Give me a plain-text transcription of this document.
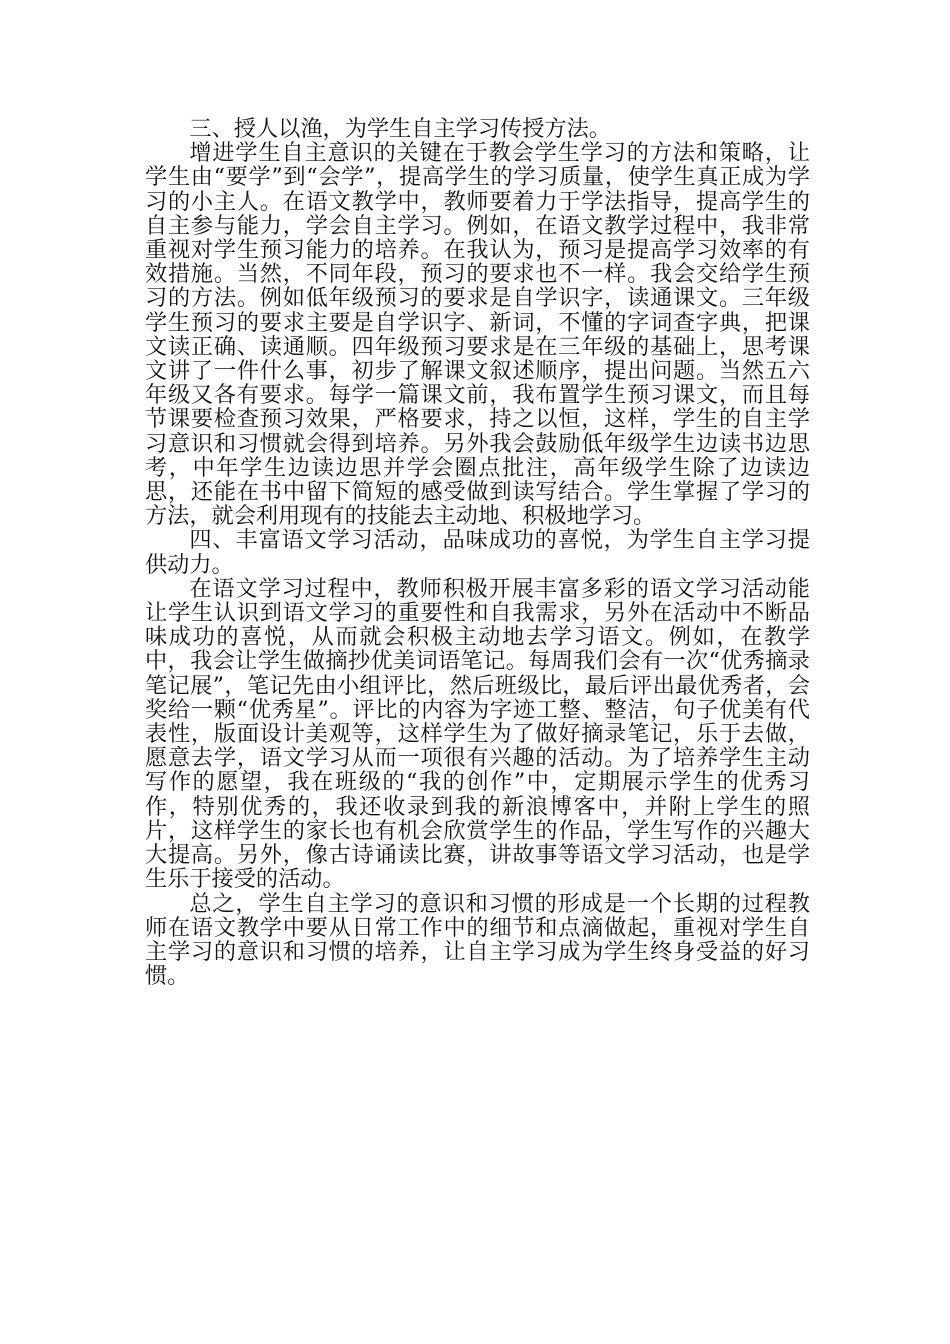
三、授人以渔，为学生自主学习传授方法。

增进学生自主意识的关键在于教会学生学习的方法和策略，让学生由“要学”到“会学”，提高学生的学习质量，使学生真正成为学习的小主人。在语文教学中，教师要着力于学法指导，提高学生的自主参与能力，学会自主学习。例如，在语文教学过程中，我非常重视对学生预习能力的培养。在我认为，预习是提高学习效率的有效措施。当然，不同年段，预习的要求也不一样。我会交给学生预习的方法。例如低年级预习的要求是自学识字，读通课文。三年级学生预习的要求主要是自学识字、新词，不懂的字词查字典，把课文读正确、读通顺。四年级预习要求是在三年级的基础上，思考课文讲了一件什么事，初步了解课文叙述顺序，提出问题。当然五六年级又各有要求。每学一篇课文前，我布置学生预习课文，而且每节课要检查预习效果，严格要求，持之以恒，这样，学生的自主学习意识和习惯就会得到培养。另外我会鼓励低年级学生边读书边思考，中年学生边读边思并学会圈点批注，高年级学生除了边读边思，还能在书中留下简短的感受做到读写结合。学生掌握了学习的方法，就会利用现有的技能去主动地、积极地学习。

四、丰富语文学习活动，品味成功的喜悦，为学生自主学习提供动力。

在语文学习过程中，教师积极开展丰富多彩的语文学习活动能让学生认识到语文学习的重要性和自我需求，另外在活动中不断品味成功的喜悦，从而就会积极主动地去学习语文。例如，在教学中，我会让学生做摘抄优美词语笔记。每周我们会有一次“优秀摘录笔记展”，笔记先由小组评比，然后班级比，最后评出最优秀者，会奖给一颗“优秀星”。评比的内容为字迹工整、整洁，句子优美有代表性，版面设计美观等，这样学生为了做好摘录笔记，乐于去做，愿意去学，语文学习从而一项很有兴趣的活动。为了培养学生主动写作的愿望，我在班级的“我的创作”中，定期展示学生的优秀习作，特别优秀的，我还收录到我的新浪博客中，并附上学生的照片，这样学生的家长也有机会欣赏学生的作品，学生写作的兴趣大大提高。另外，像古诗诵读比赛，讲故事等语文学习活动，也是学生乐于接受的活动。

总之，学生自主学习的意识和习惯的形成是一个长期的过程教师在语文教学中要从日常工作中的细节和点滴做起，重视对学生自主学习的意识和习惯的培养，让自主学习成为学生终身受益的好习惯。
